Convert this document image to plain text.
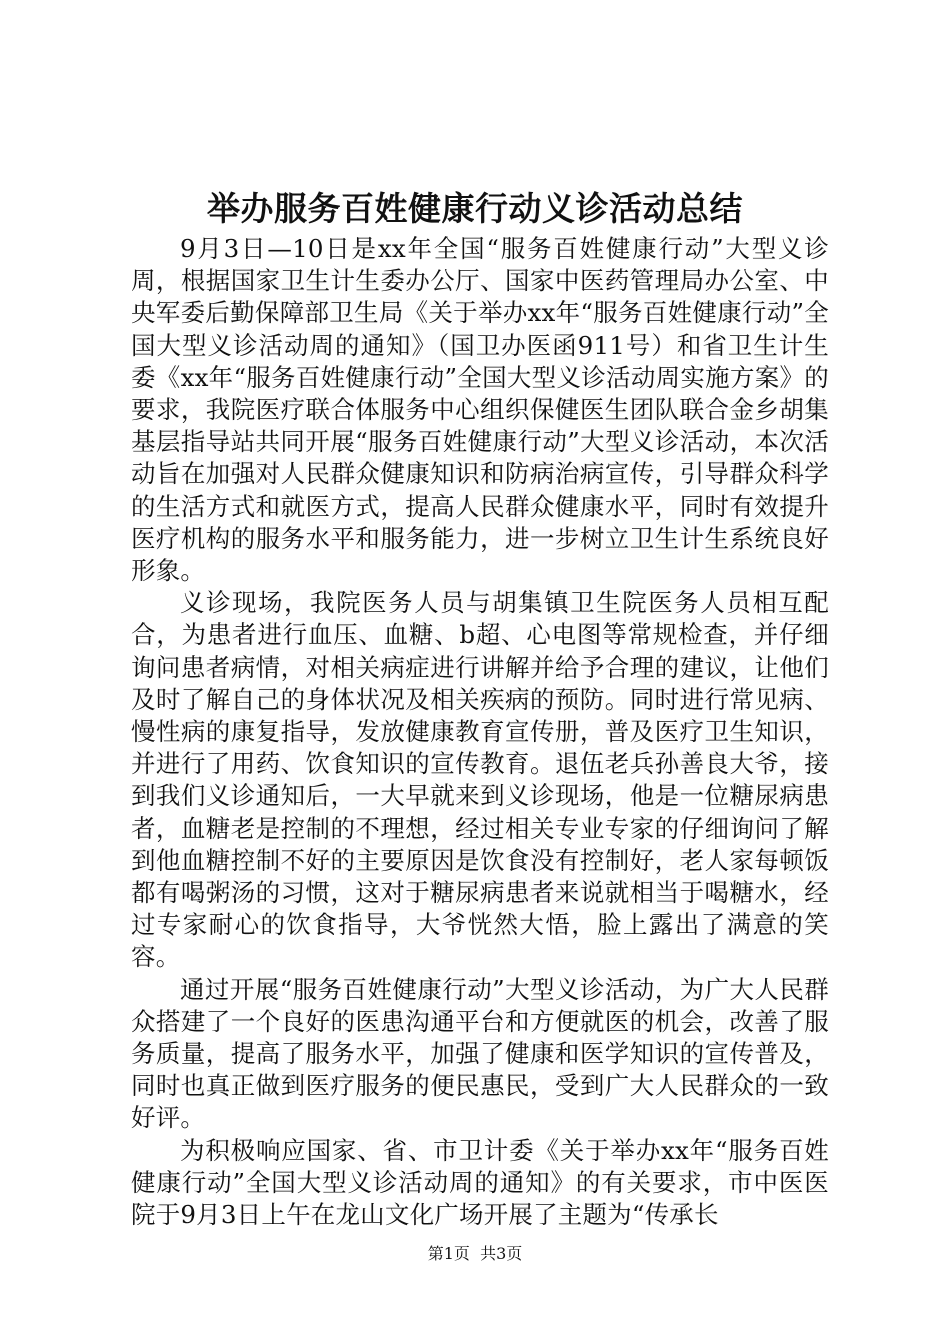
举办服务百姓健康行动义诊活动总结

9月3日—10日是xx年全国“服务百姓健康行动”大型义诊周，根据国家卫生计生委办公厅、国家中医药管理局办公室、中央军委后勤保障部卫生局《关于举办xx年“服务百姓健康行动”全国大型义诊活动周的通知》（国卫办医函911号）和省卫生计生委《xx年“服务百姓健康行动”全国大型义诊活动周实施方案》的要求，我院医疗联合体服务中心组织保健医生团队联合金乡胡集基层指导站共同开展“服务百姓健康行动”大型义诊活动，本次活动旨在加强对人民群众健康知识和防病治病宣传，引导群众科学的生活方式和就医方式，提高人民群众健康水平，同时有效提升医疗机构的服务水平和服务能力，进一步树立卫生计生系统良好形象。

义诊现场，我院医务人员与胡集镇卫生院医务人员相互配合，为患者进行血压、血糖、b超、心电图等常规检查，并仔细询问患者病情，对相关病症进行讲解并给予合理的建议，让他们及时了解自己的身体状况及相关疾病的预防。同时进行常见病、慢性病的康复指导，发放健康教育宣传册，普及医疗卫生知识，并进行了用药、饮食知识的宣传教育。退伍老兵孙善良大爷，接到我们义诊通知后，一大早就来到义诊现场，他是一位糖尿病患者，血糖老是控制的不理想，经过相关专业专家的仔细询问了解到他血糖控制不好的主要原因是饮食没有控制好，老人家每顿饭都有喝粥汤的习惯，这对于糖尿病患者来说就相当于喝糖水，经过专家耐心的饮食指导，大爷恍然大悟，脸上露出了满意的笑容。

通过开展“服务百姓健康行动”大型义诊活动，为广大人民群众搭建了一个良好的医患沟通平台和方便就医的机会，改善了服务质量，提高了服务水平，加强了健康和医学知识的宣传普及，同时也真正做到医疗服务的便民惠民，受到广大人民群众的一致好评。

为积极响应国家、省、市卫计委《关于举办xx年“服务百姓健康行动”全国大型义诊活动周的通知》的有关要求，市中医医院于9月3日上午在龙山文化广场开展了主题为“传承长

第1页 共3页
